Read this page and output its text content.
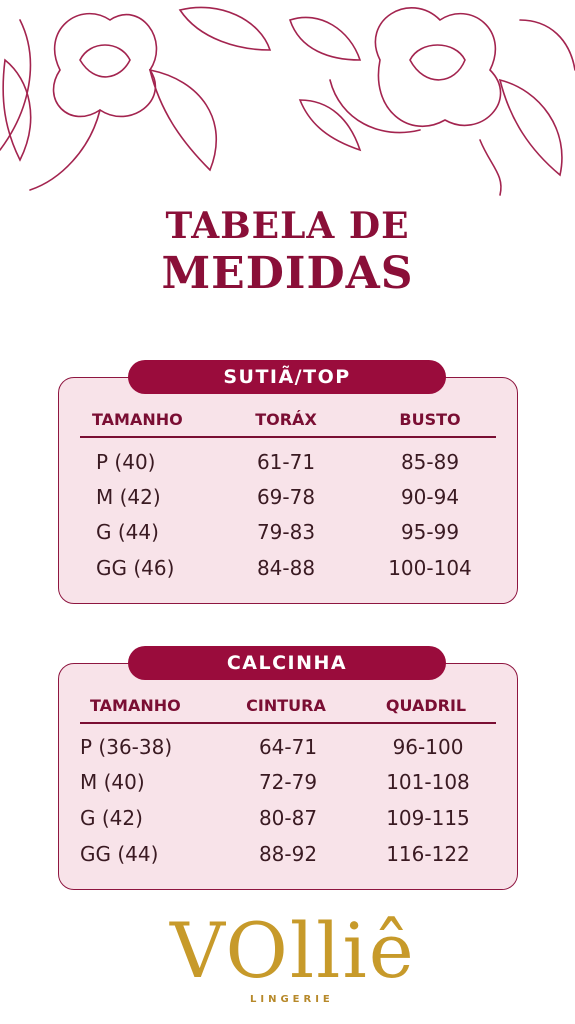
TABELA DE
MEDIDAS
SUTIÃ/TOP
TAMANHO	TORÁX	BUSTO
P (40)	61-71	85-89
M (42)	69-78	90-94
G (44)	79-83	95-99
GG (46)	84-88	100-104
CALCINHA
TAMANHO	CINTURA	QUADRIL
P (36-38)	64-71	96-100
M (40)	72-79	101-108
G (42)	80-87	109-115
GG (44)	88-92	116-122
VOlliê
LINGERIE
